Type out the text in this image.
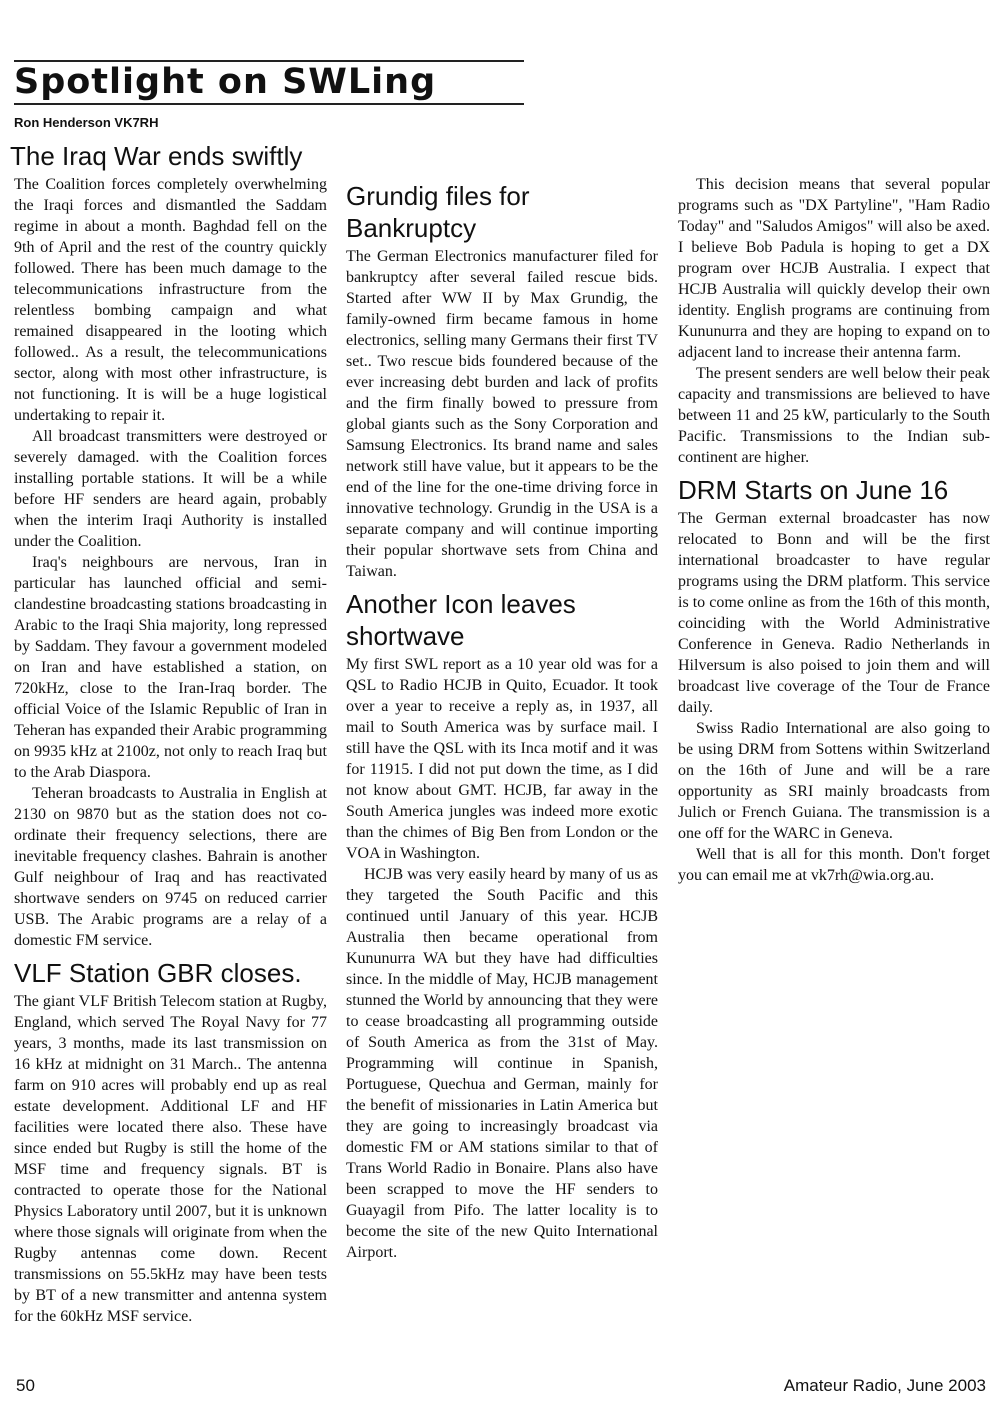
Spotlight on SWLing

Ron Henderson VK7RH

The Iraq War ends swiftly

The Coalition forces completely overwhelming the Iraqi forces and dismantled the Saddam regime in about a month. Baghdad fell on the 9th of April and the rest of the country quickly followed. There has been much damage to the telecommunications infrastructure from the relentless bombing campaign and what remained disappeared in the looting which followed.. As a result, the telecommunications sector, along with most other infrastructure, is not functioning. It is will be a huge logistical undertaking to repair it.

All broadcast transmitters were destroyed or severely damaged. with the Coalition forces installing portable stations. It will be a while before HF senders are heard again, probably when the interim Iraqi Authority is installed under the Coalition.

Iraq's neighbours are nervous, Iran in particular has launched official and semi-clandestine broadcasting stations broadcasting in Arabic to the Iraqi Shia majority, long repressed by Saddam. They favour a government modeled on Iran and have established a station, on 720kHz, close to the Iran-Iraq border. The official Voice of the Islamic Republic of Iran in Teheran has expanded their Arabic programming on 9935 kHz at 2100z, not only to reach Iraq but to the Arab Diaspora.

Teheran broadcasts to Australia in English at 2130 on 9870 but as the station does not co-ordinate their frequency selections, there are inevitable frequency clashes. Bahrain is another Gulf neighbour of Iraq and has reactivated shortwave senders on 9745 on reduced carrier USB. The Arabic programs are a relay of a domestic FM service.

VLF Station GBR closes.

The giant VLF British Telecom station at Rugby, England, which served The Royal Navy for 77 years, 3 months, made its last transmission on 16 kHz at midnight on 31 March.. The antenna farm on 910 acres will probably end up as real estate development. Additional LF and HF facilities were located there also. These have since ended but Rugby is still the home of the MSF time and frequency signals. BT is contracted to operate those for the National Physics Laboratory until 2007, but it is unknown where those signals will originate from when the Rugby antennas come down. Recent transmissions on 55.5kHz may have been tests by BT of a new transmitter and antenna system for the 60kHz MSF service.

Grundig files for Bankruptcy

The German Electronics manufacturer filed for bankruptcy after several failed rescue bids. Started after WW II by Max Grundig, the family-owned firm became famous in home electronics, selling many Germans their first TV set.. Two rescue bids foundered because of the ever increasing debt burden and lack of profits and the firm finally bowed to pressure from global giants such as the Sony Corporation and Samsung Electronics. Its brand name and sales network still have value, but it appears to be the end of the line for the one-time driving force in innovative technology. Grundig in the USA is a separate company and will continue importing their popular shortwave sets from China and Taiwan.

Another Icon leaves shortwave

My first SWL report as a 10 year old was for a QSL to Radio HCJB in Quito, Ecuador. It took over a year to receive a reply as, in 1937, all mail to South America was by surface mail. I still have the QSL with its Inca motif and it was for 11915. I did not put down the time, as I did not know about GMT. HCJB, far away in the South America jungles was indeed more exotic than the chimes of Big Ben from London or the VOA in Washington.

HCJB was very easily heard by many of us as they targeted the South Pacific and this continued until January of this year. HCJB Australia then became operational from Kununurra WA but they have had difficulties since. In the middle of May, HCJB management stunned the World by announcing that they were to cease broadcasting all programming outside of South America as from the 31st of May. Programming will continue in Spanish, Portuguese, Quechua and German, mainly for the benefit of missionaries in Latin America but they are going to increasingly broadcast via domestic FM or AM stations similar to that of Trans World Radio in Bonaire. Plans also have been scrapped to move the HF senders to Guayagil from Pifo. The latter locality is to become the site of the new Quito International Airport.

This decision means that several popular programs such as "DX Partyline", "Ham Radio Today" and "Saludos Amigos" will also be axed. I believe Bob Padula is hoping to get a DX program over HCJB Australia. I expect that HCJB Australia will quickly develop their own identity. English programs are continuing from Kununurra and they are hoping to expand on to adjacent land to increase their antenna farm.

The present senders are well below their peak capacity and transmissions are believed to have between 11 and 25 kW, particularly to the South Pacific. Transmissions to the Indian sub-continent are higher.

DRM Starts on June 16

The German external broadcaster has now relocated to Bonn and will be the first international broadcaster to have regular programs using the DRM platform. This service is to come online as from the 16th of this month, coinciding with the World Administrative Conference in Geneva. Radio Netherlands in Hilversum is also poised to join them and will broadcast live coverage of the Tour de France daily.

Swiss Radio International are also going to be using DRM from Sottens within Switzerland on the 16th of June and will be a rare opportunity as SRI mainly broadcasts from Julich or French Guiana. The transmission is a one off for the WARC in Geneva.

Well that is all for this month. Don't forget you can email me at vk7rh@wia.org.au.

50	Amateur Radio, June 2003
